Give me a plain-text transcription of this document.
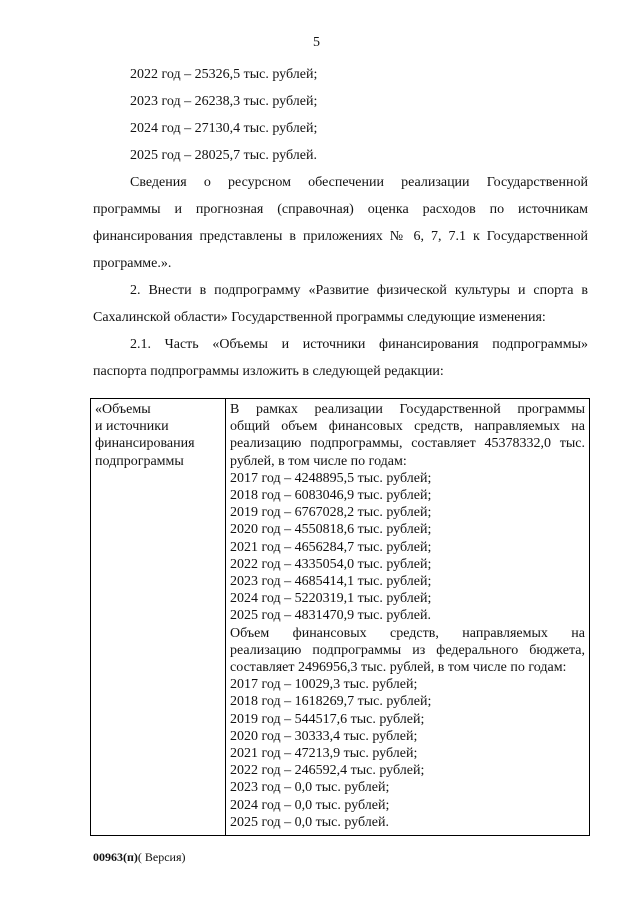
5
2022 год – 25326,5 тыс. рублей;
2023 год – 26238,3 тыс. рублей;
2024 год – 27130,4 тыс. рублей;
2025 год – 28025,7 тыс. рублей.
Сведения о ресурсном обеспечении реализации Государственной
программы и прогнозная (справочная) оценка расходов по источникам
финансирования представлены в приложениях № 6, 7, 7.1 к Государственной
программе.».
2. Внести в подпрограмму «Развитие физической культуры и спорта в
Сахалинской области» Государственной программы следующие изменения:
2.1. Часть «Объемы и источники финансирования подпрограммы»
паспорта подпрограммы изложить в следующей редакции:
«Объемы
и источники
финансирования
подпрограммы

В рамках реализации Государственной программы
общий объем финансовых средств, направляемых на
реализацию подпрограммы, составляет 45378332,0 тыс.
рублей, в том числе по годам:
2017 год – 4248895,5 тыс. рублей;
2018 год – 6083046,9 тыс. рублей;
2019 год – 6767028,2 тыс. рублей;
2020 год – 4550818,6 тыс. рублей;
2021 год – 4656284,7 тыс. рублей;
2022 год – 4335054,0 тыс. рублей;
2023 год – 4685414,1 тыс. рублей;
2024 год – 5220319,1 тыс. рублей;
2025 год – 4831470,9 тыс. рублей.
Объем финансовых средств, направляемых на
реализацию подпрограммы из федерального бюджета,
составляет 2496956,3 тыс. рублей, в том числе по годам:
2017 год – 10029,3 тыс. рублей;
2018 год – 1618269,7 тыс. рублей;
2019 год – 544517,6 тыс. рублей;
2020 год – 30333,4 тыс. рублей;
2021 год – 47213,9 тыс. рублей;
2022 год – 246592,4 тыс. рублей;
2023 год – 0,0 тыс. рублей;
2024 год – 0,0 тыс. рублей;
2025 год – 0,0 тыс. рублей.
00963(п)( Версия)
